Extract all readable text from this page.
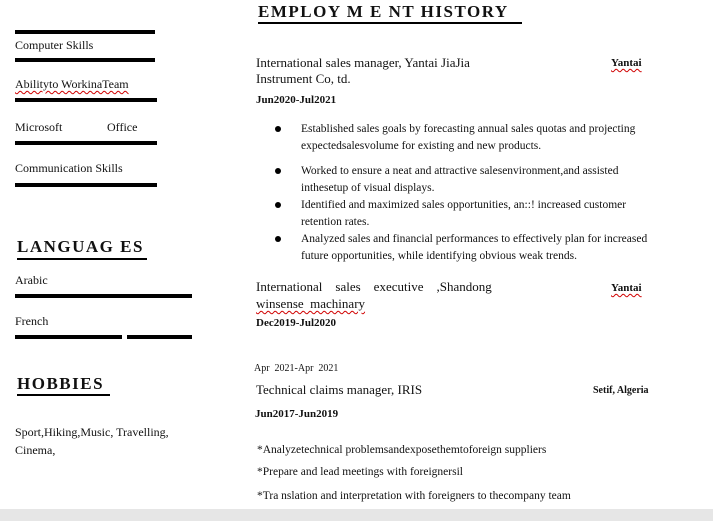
Computer Skills
Abilityto WorkinaTeam
Microsoft	Office
Communication Skills
LANGUAG ES
Arabic
French
HOBBIES
Sport,Hiking,Music, Travelling,
Cinema,
EMPLOY M E NT HISTORY
International sales manager, Yantai JiaJia
Instrument Co, td.
Yantai
Jun2020-Jul2021
Established sales goals by forecasting annual sales quotas and projecting expectedsalesvolume for existing and new products.
Worked to ensure a neat and attractive salesenvironment,and assisted inthesetup of visual displays.
Identified and maximized sales opportunities, an::! increased customer retention rates.
Analyzed sales and financial performances to effectively plan for increased future opportunities, while identifying obvious weak trends.
International    sales    executive    ,Shandong
winsense  machinary
Yantai
Dec2019-Jul2020
Apr  2021-Apr  2021
Technical claims manager, IRIS	Setif, Algeria
Jun2017-Jun2019
*Analyzetechnical problemsandexposethemtoforeign suppliers
*Prepare and lead meetings with foreignersil
*Tra nslation and interpretation with foreigners to thecompany team
